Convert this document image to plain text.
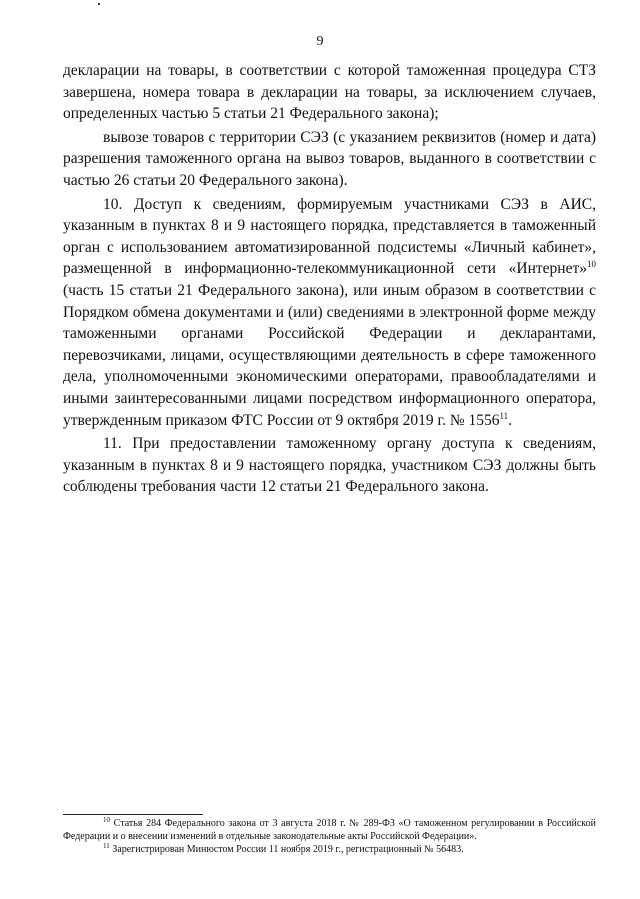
9

декларации на товары, в соответствии с которой таможенная процедура СТЗ завершена, номера товара в декларации на товары, за исключением случаев, определенных частью 5 статьи 21 Федерального закона);

вывозе товаров с территории СЭЗ (с указанием реквизитов (номер и дата) разрешения таможенного органа на вывоз товаров, выданного в соответствии с частью 26 статьи 20 Федерального закона).

10. Доступ к сведениям, формируемым участниками СЭЗ в АИС, указанным в пунктах 8 и 9 настоящего порядка, представляется в таможенный орган с использованием автоматизированной подсистемы «Личный кабинет», размещенной в информационно-телекоммуникационной сети «Интернет»$^{10}$ (часть 15 статьи 21 Федерального закона), или иным образом в соответствии с Порядком обмена документами и (или) сведениями в электронной форме между таможенными органами Российской Федерации и декларантами, перевозчиками, лицами, осуществляющими деятельность в сфере таможенного дела, уполномоченными экономическими операторами, правообладателями и иными заинтересованными лицами посредством информационного оператора, утвержденным приказом ФТС России от 9 октября 2019 г. № 1556$^{11}$.

11. При предоставлении таможенному органу доступа к сведениям, указанным в пунктах 8 и 9 настоящего порядка, участником СЭЗ должны быть соблюдены требования части 12 статьи 21 Федерального закона.

$^{10}$ Статья 284 Федерального закона от 3 августа 2018 г. № 289-ФЗ «О таможенном регулировании в Российской Федерации и о внесении изменений в отдельные законодательные акты Российской Федерации».

$^{11}$ Зарегистрирован Минюстом России 11 ноября 2019 г., регистрационный № 56483.
